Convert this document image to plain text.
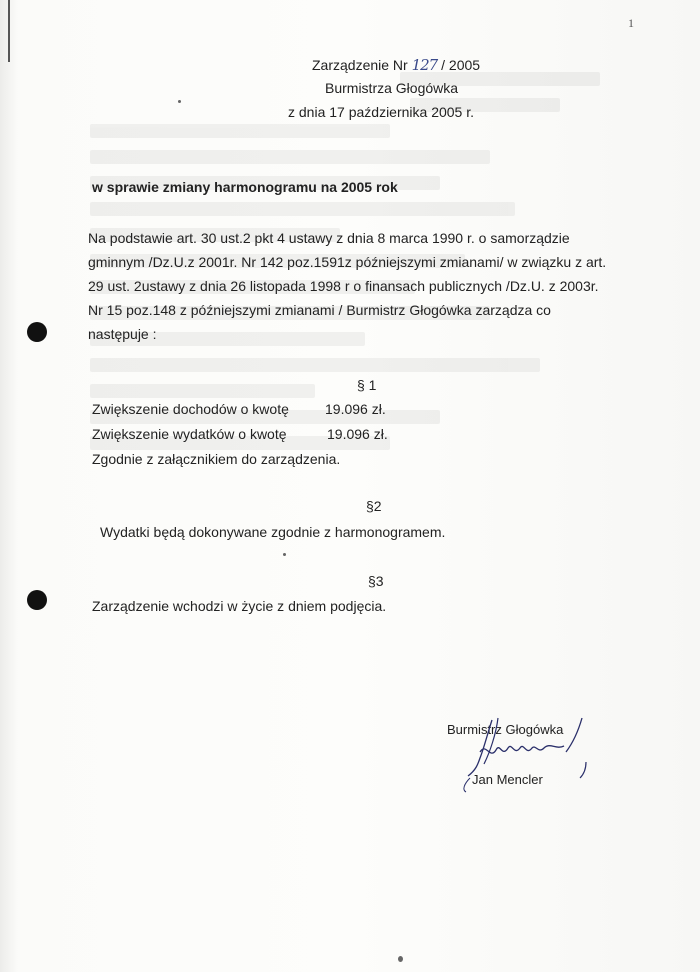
1
Zarządzenie Nr 127 / 2005
Burmistrza Głogówka
z dnia 17 października 2005 r.
w sprawie zmiany harmonogramu na 2005 rok
Na podstawie art. 30 ust.2 pkt 4 ustawy z dnia 8 marca 1990 r. o samorządzie
gminnym /Dz.U.z 2001r. Nr 142 poz.1591z późniejszymi zmianami/ w związku z art.
29 ust. 2ustawy z dnia 26 listopada 1998 r o finansach publicznych /Dz.U. z 2003r.
Nr 15 poz.148 z późniejszymi zmianami / Burmistrz Głogówka zarządza co
następuje :
§ 1
Zwiększenie dochodów o kwotę	19.096 zł.
Zwiększenie wydatków o kwotę	19.096 zł.
Zgodnie z załącznikiem do zarządzenia.
§2
Wydatki będą dokonywane zgodnie z harmonogramem.
§3
Zarządzenie wchodzi w życie z dniem podjęcia.
Burmistrz Głogówka
Jan Mencler
